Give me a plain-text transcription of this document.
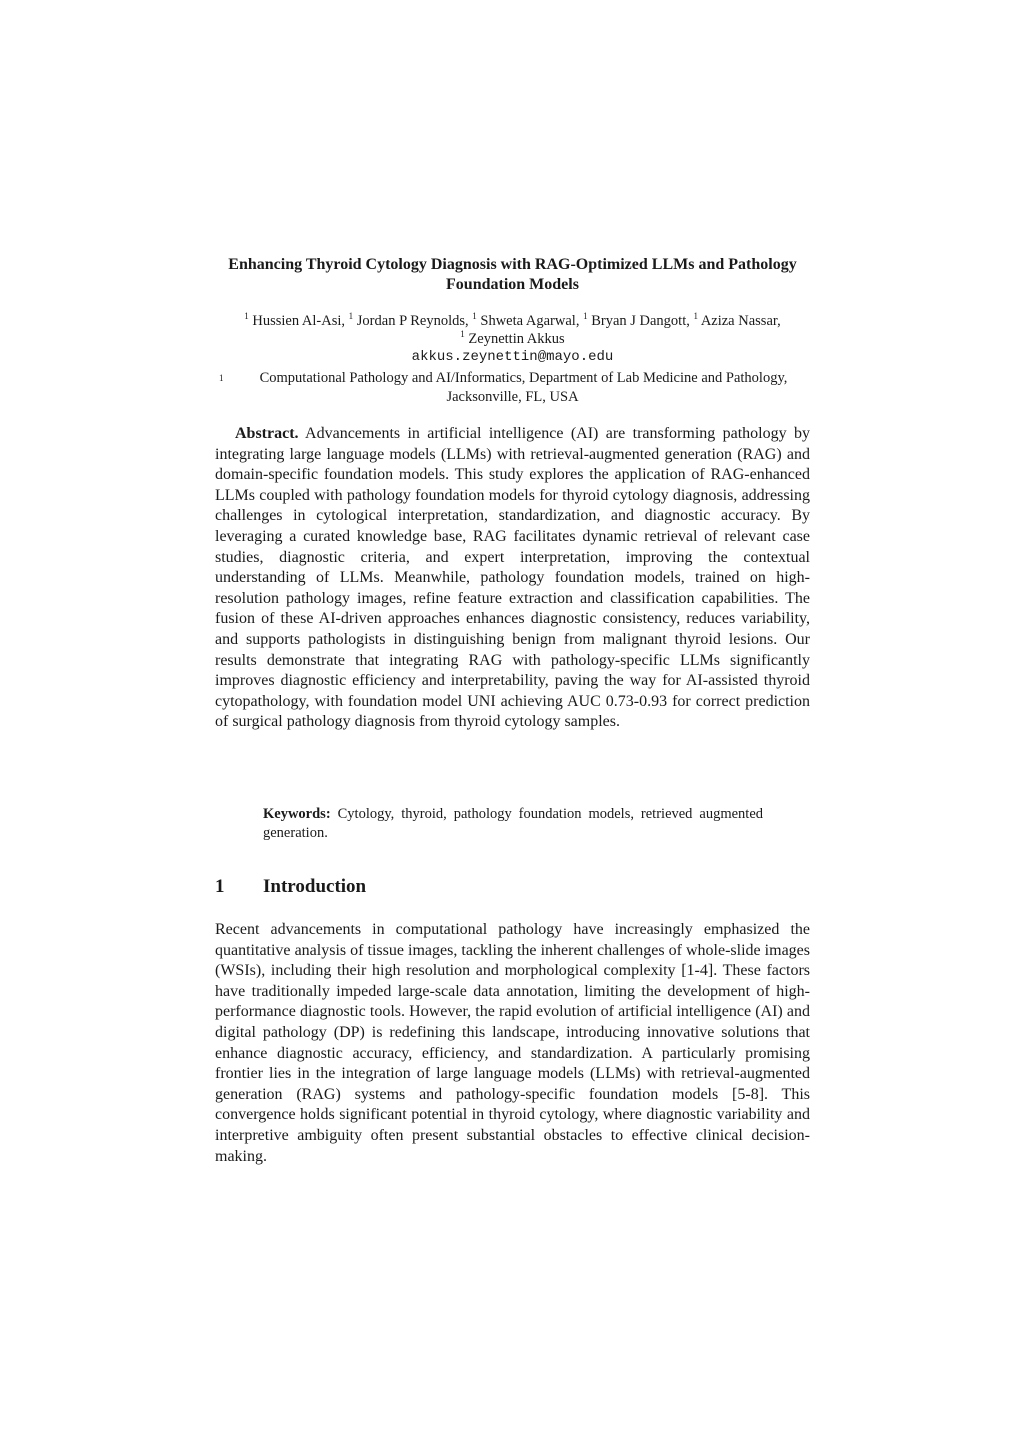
Enhancing Thyroid Cytology Diagnosis with RAG-Optimized LLMs and Pathology Foundation Models
$^1$ Hussien Al-Asi, $^1$ Jordan P Reynolds, $^1$ Shweta Agarwal, $^1$ Bryan J Dangott, $^1$ Aziza Nassar,
$^1$ Zeynettin Akkus
akkus.zeynettin@mayo.edu
1	Computational Pathology and AI/Informatics, Department of Lab Medicine and Pathology,
Jacksonville, FL, USA

Abstract. Advancements in artificial intelligence (AI) are transforming pathology by integrating large language models (LLMs) with retrieval-augmented generation (RAG) and domain-specific foundation models. This study explores the application of RAG-enhanced LLMs coupled with pathology foundation models for thyroid cytology diagnosis, addressing challenges in cytological interpretation, standardization, and diagnostic accuracy. By leveraging a curated knowledge base, RAG facilitates dynamic retrieval of relevant case studies, diagnostic criteria, and expert interpretation, improving the contextual understanding of LLMs. Meanwhile, pathology foundation models, trained on high-resolution pathology images, refine feature extraction and classification capabilities. The fusion of these AI-driven approaches enhances diagnostic consistency, reduces variability, and supports pathologists in distinguishing benign from malignant thyroid lesions. Our results demonstrate that integrating RAG with pathology-specific LLMs significantly improves diagnostic efficiency and interpretability, paving the way for AI-assisted thyroid cytopathology, with foundation model UNI achieving AUC 0.73-0.93 for correct prediction of surgical pathology diagnosis from thyroid cytology samples.

Keywords: Cytology, thyroid, pathology foundation models, retrieved augmented generation.

1 Introduction

Recent advancements in computational pathology have increasingly emphasized the quantitative analysis of tissue images, tackling the inherent challenges of whole-slide images (WSIs), including their high resolution and morphological complexity [1-4]. These factors have traditionally impeded large-scale data annotation, limiting the development of high-performance diagnostic tools. However, the rapid evolution of artificial intelligence (AI) and digital pathology (DP) is redefining this landscape, introducing innovative solutions that enhance diagnostic accuracy, efficiency, and standardization. A particularly promising frontier lies in the integration of large language models (LLMs) with retrieval-augmented generation (RAG) systems and pathology-specific foundation models [5-8]. This convergence holds significant potential in thyroid cytology, where diagnostic variability and interpretive ambiguity often present substantial obstacles to effective clinical decision-making.
